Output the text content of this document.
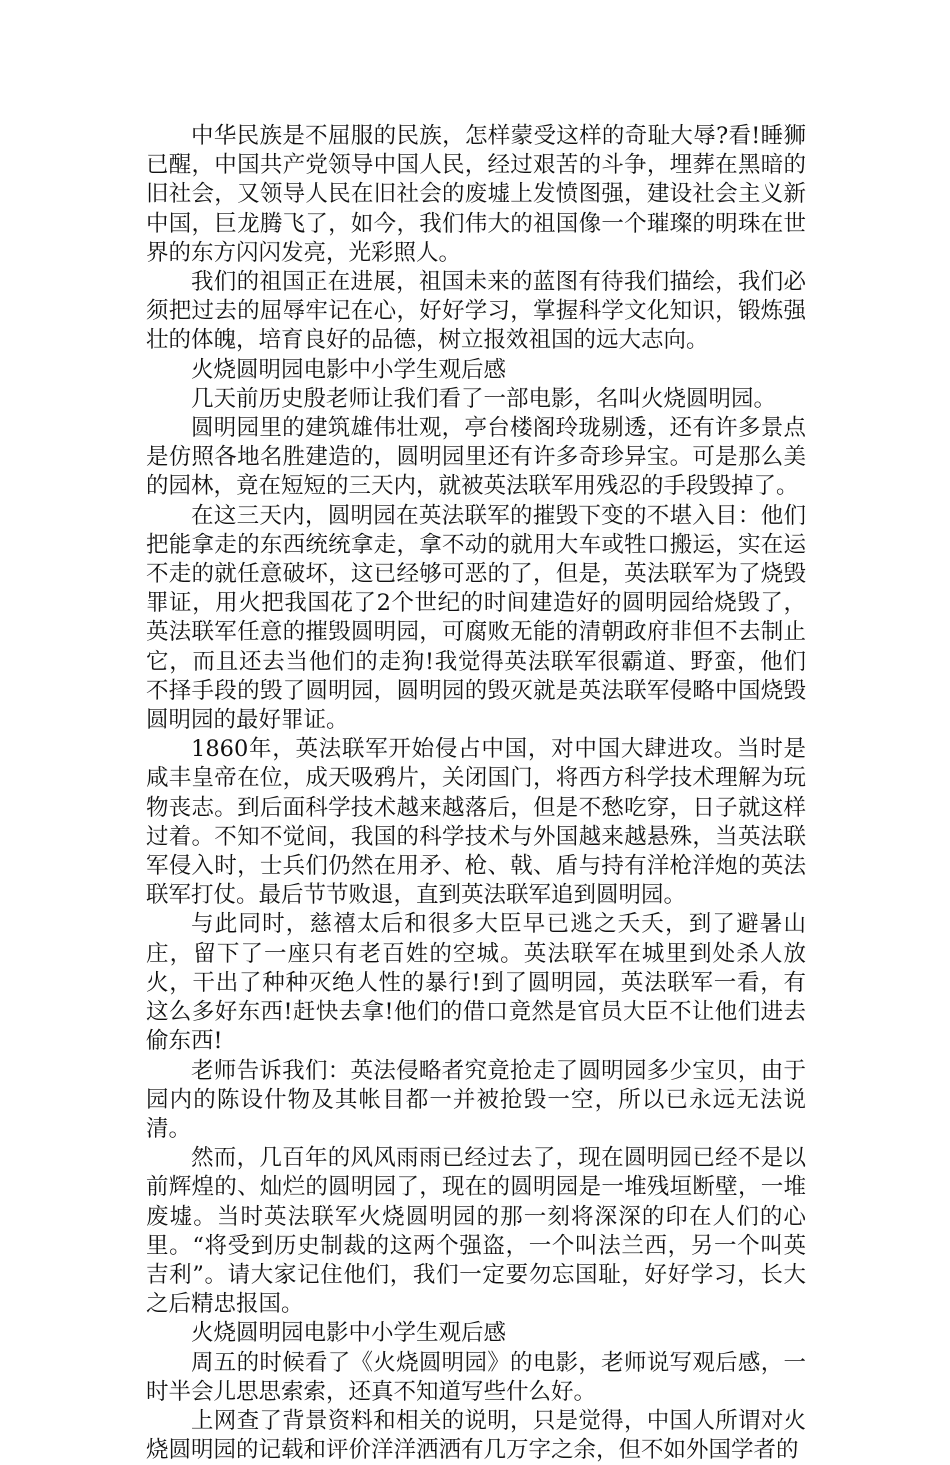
中华民族是不屈服的民族，怎样蒙受这样的奇耻大辱?看!睡狮已醒，中国共产党领导中国人民，经过艰苦的斗争，埋葬在黑暗的旧社会，又领导人民在旧社会的废墟上发愤图强，建设社会主义新中国，巨龙腾飞了，如今，我们伟大的祖国像一个璀璨的明珠在世界的东方闪闪发亮，光彩照人。

我们的祖国正在进展，祖国未来的蓝图有待我们描绘，我们必须把过去的屈辱牢记在心，好好学习，掌握科学文化知识，锻炼强壮的体魄，培育良好的品德，树立报效祖国的远大志向。

火烧圆明园电影中小学生观后感

几天前历史殷老师让我们看了一部电影，名叫火烧圆明园。

圆明园里的建筑雄伟壮观，亭台楼阁玲珑剔透，还有许多景点是仿照各地名胜建造的，圆明园里还有许多奇珍异宝。可是那么美的园林，竟在短短的三天内，就被英法联军用残忍的手段毁掉了。

在这三天内，圆明园在英法联军的摧毁下变的不堪入目：他们把能拿走的东西统统拿走，拿不动的就用大车或牲口搬运，实在运不走的就任意破坏，这已经够可恶的了，但是，英法联军为了烧毁罪证，用火把我国花了2个世纪的时间建造好的圆明园给烧毁了，英法联军任意的摧毁圆明园，可腐败无能的清朝政府非但不去制止它，而且还去当他们的走狗!我觉得英法联军很霸道、野蛮，他们不择手段的毁了圆明园，圆明园的毁灭就是英法联军侵略中国烧毁圆明园的最好罪证。

1860年，英法联军开始侵占中国，对中国大肆进攻。当时是咸丰皇帝在位，成天吸鸦片，关闭国门，将西方科学技术理解为玩物丧志。到后面科学技术越来越落后，但是不愁吃穿，日子就这样过着。不知不觉间，我国的科学技术与外国越来越悬殊，当英法联军侵入时，士兵们仍然在用矛、枪、戟、盾与持有洋枪洋炮的英法联军打仗。最后节节败退，直到英法联军追到圆明园。

与此同时，慈禧太后和很多大臣早已逃之夭夭，到了避暑山庄，留下了一座只有老百姓的空城。英法联军在城里到处杀人放火，干出了种种灭绝人性的暴行!到了圆明园，英法联军一看，有这么多好东西!赶快去拿!他们的借口竟然是官员大臣不让他们进去偷东西!

老师告诉我们：英法侵略者究竟抢走了圆明园多少宝贝，由于园内的陈设什物及其帐目都一并被抢毁一空，所以已永远无法说清。

然而，几百年的风风雨雨已经过去了，现在圆明园已经不是以前辉煌的、灿烂的圆明园了，现在的圆明园是一堆残垣断壁，一堆废墟。当时英法联军火烧圆明园的那一刻将深深的印在人们的心里。“将受到历史制裁的这两个强盗，一个叫法兰西，另一个叫英吉利”。请大家记住他们，我们一定要勿忘国耻，好好学习，长大之后精忠报国。

火烧圆明园电影中小学生观后感

周五的时候看了《火烧圆明园》的电影，老师说写观后感，一时半会儿思思索索，还真不知道写些什么好。

上网查了背景资料和相关的说明，只是觉得，中国人所谓对火烧圆明园的记载和评价洋洋洒洒有几万字之余，但不如外国学者的
